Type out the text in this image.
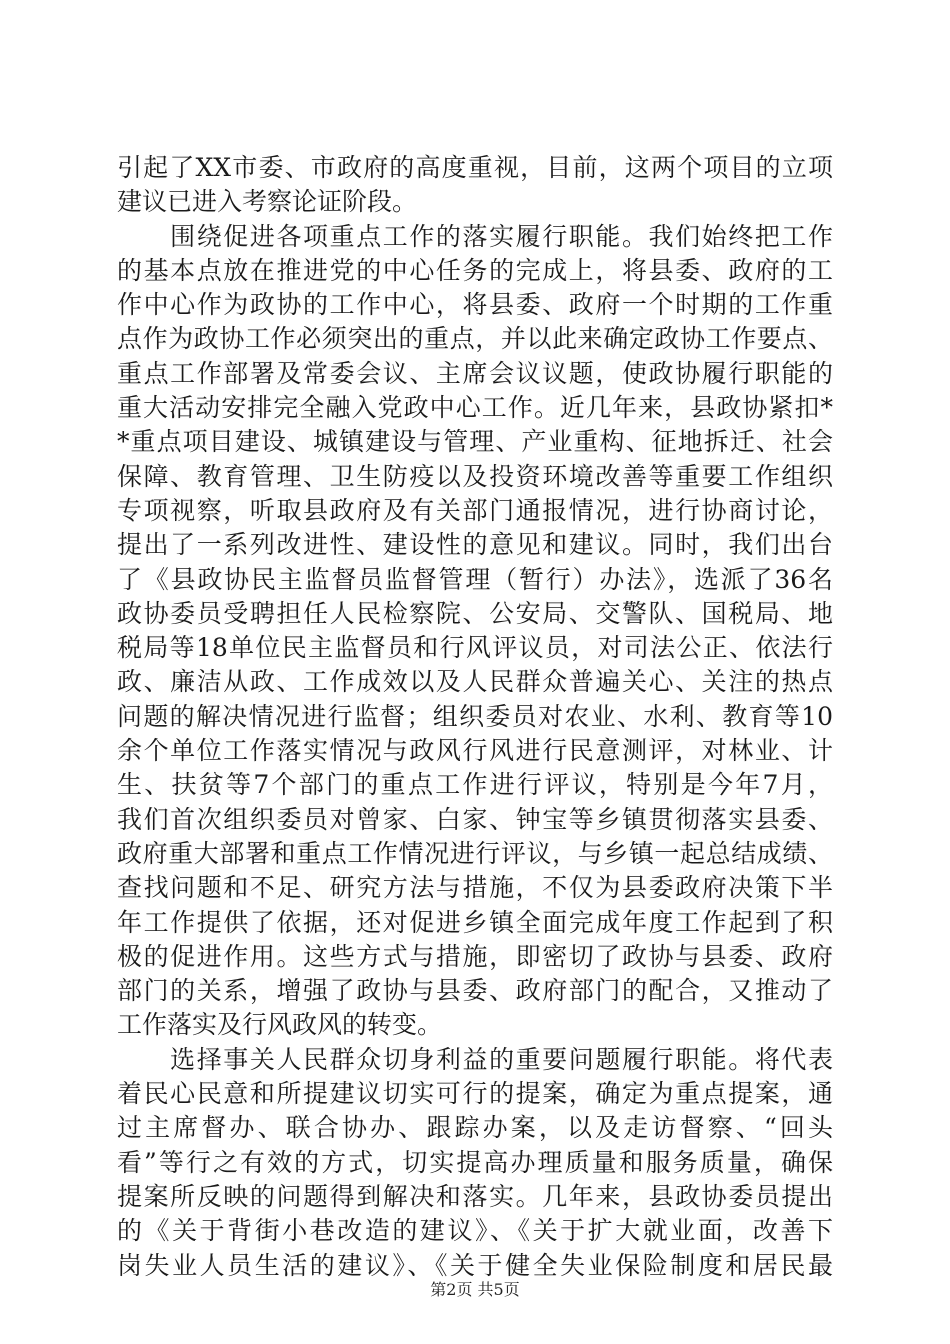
引起了XX市委、市政府的高度重视，目前，这两个项目的立项
建议已进入考察论证阶段。
　　围绕促进各项重点工作的落实履行职能。我们始终把工作
的基本点放在推进党的中心任务的完成上，将县委、政府的工
作中心作为政协的工作中心，将县委、政府一个时期的工作重
点作为政协工作必须突出的重点，并以此来确定政协工作要点、
重点工作部署及常委会议、主席会议议题，使政协履行职能的
重大活动安排完全融入党政中心工作。近几年来，县政协紧扣*
*重点项目建设、城镇建设与管理、产业重构、征地拆迁、社会
保障、教育管理、卫生防疫以及投资环境改善等重要工作组织
专项视察，听取县政府及有关部门通报情况，进行协商讨论，
提出了一系列改进性、建设性的意见和建议。同时，我们出台
了《县政协民主监督员监督管理（暂行）办法》，选派了36名
政协委员受聘担任人民检察院、公安局、交警队、国税局、地
税局等18单位民主监督员和行风评议员，对司法公正、依法行
政、廉洁从政、工作成效以及人民群众普遍关心、关注的热点
问题的解决情况进行监督；组织委员对农业、水利、教育等10
余个单位工作落实情况与政风行风进行民意测评，对林业、计
生、扶贫等7个部门的重点工作进行评议，特别是今年7月，
我们首次组织委员对曾家、白家、钟宝等乡镇贯彻落实县委、
政府重大部署和重点工作情况进行评议，与乡镇一起总结成绩、
查找问题和不足、研究方法与措施，不仅为县委政府决策下半
年工作提供了依据，还对促进乡镇全面完成年度工作起到了积
极的促进作用。这些方式与措施，即密切了政协与县委、政府
部门的关系，增强了政协与县委、政府部门的配合，又推动了
工作落实及行风政风的转变。
　　选择事关人民群众切身利益的重要问题履行职能。将代表
着民心民意和所提建议切实可行的提案，确定为重点提案，通
过主席督办、联合协办、跟踪办案，以及走访督察、“回头
看”等行之有效的方式，切实提高办理质量和服务质量，确保
提案所反映的问题得到解决和落实。几年来，县政协委员提出
的《关于背街小巷改造的建议》、《关于扩大就业面，改善下
岗失业人员生活的建议》、《关于健全失业保险制度和居民最
第2页 共5页
